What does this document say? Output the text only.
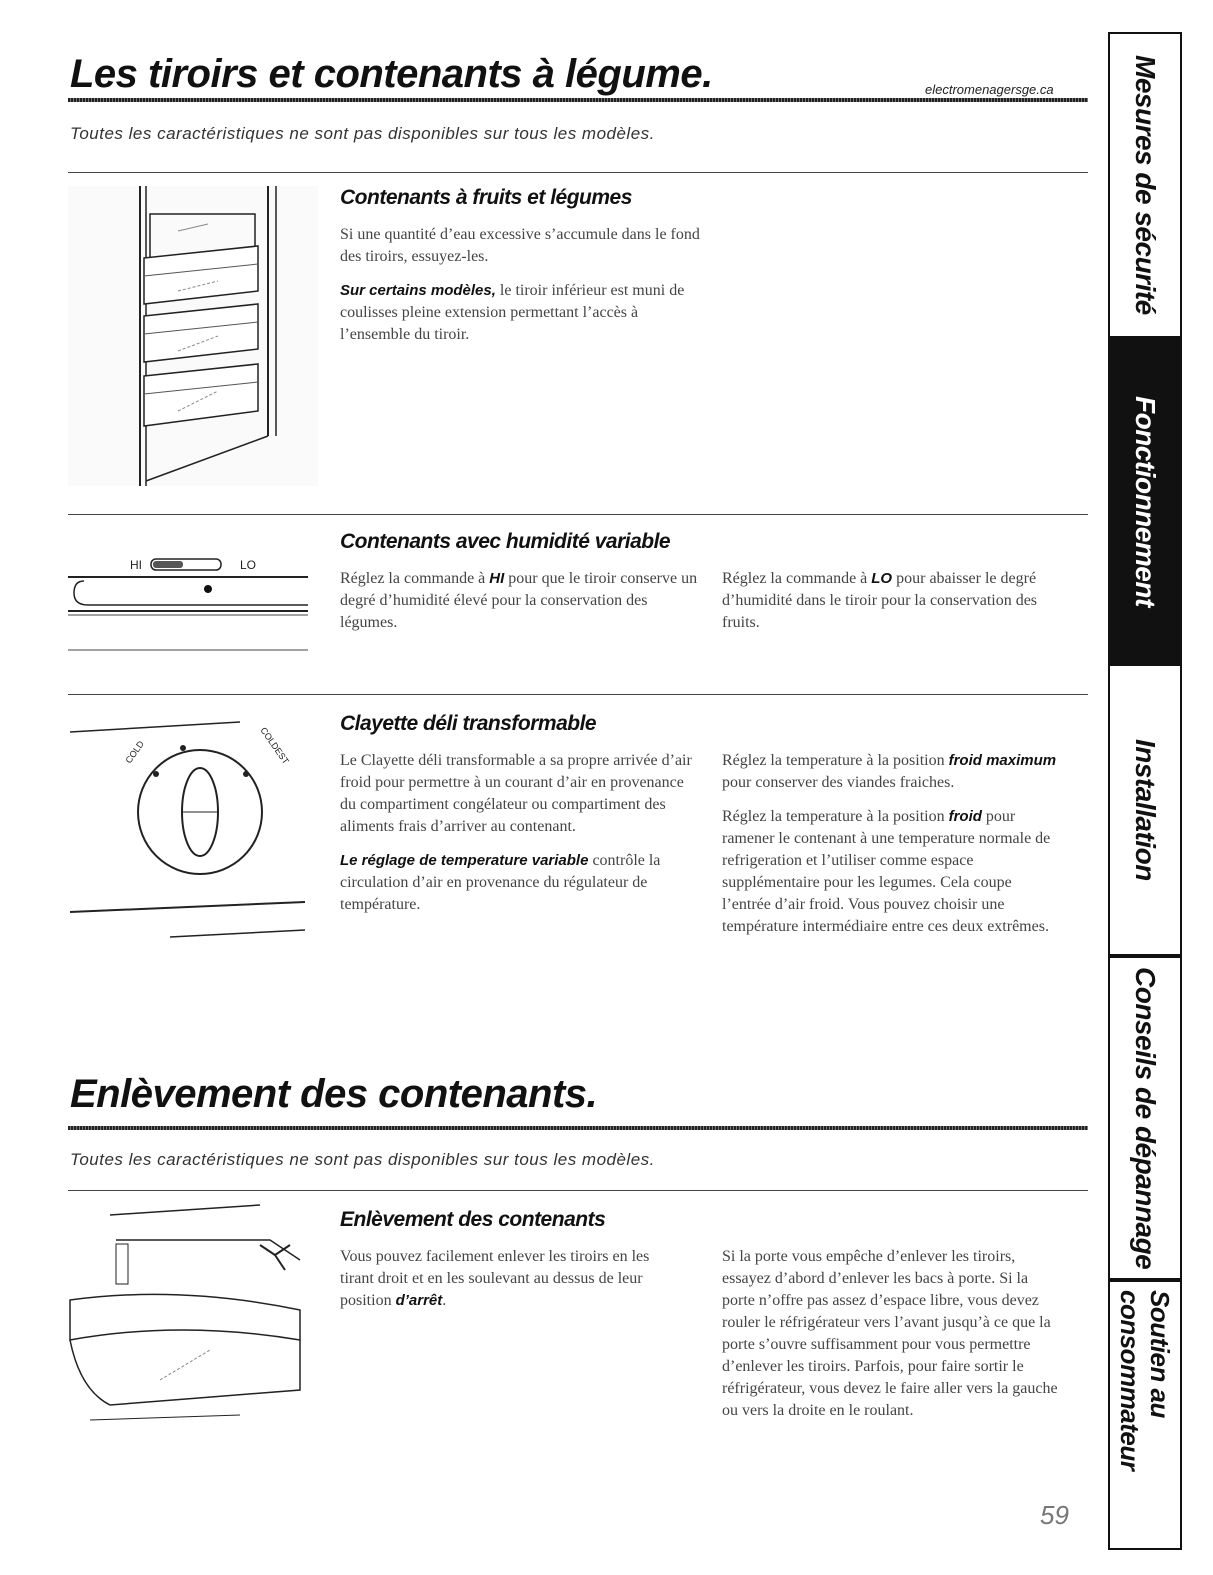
Les tiroirs et contenants à légume.	electromenagersge.ca
Toutes les caractéristiques ne sont pas disponibles sur tous les modèles.
Contenants à fruits et légumes

Si une quantité d’eau excessive s’accumule dans le fond des tiroirs, essuyez-les.

Sur certains modèles, le tiroir inférieur est muni de coulisses pleine extension permettant l’accès à l’ensemble du tiroir.

HI	LO
Contenants avec humidité variable

Réglez la commande à HI pour que le tiroir conserve un degré d’humidité élevé pour la conservation des légumes.

Réglez la commande à LO pour abaisser le degré d’humidité dans le tiroir pour la conservation des fruits.

COLD	COLDEST
Clayette déli transformable

Le Clayette déli transformable a sa propre arrivée d’air froid pour permettre à un courant d’air en provenance du compartiment congélateur ou compartiment des aliments frais d’arriver au contenant.

Le réglage de temperature variable contrôle la circulation d’air en provenance du régulateur de température.

Réglez la temperature à la position froid maximum pour conserver des viandes fraiches.

Réglez la temperature à la position froid pour ramener le contenant à une temperature normale de refrigeration et l’utiliser comme espace supplémentaire pour les legumes. Cela coupe l’entrée d’air froid. Vous pouvez choisir une température intermédiaire entre ces deux extrêmes.

Enlèvement des contenants.
Toutes les caractéristiques ne sont pas disponibles sur tous les modèles.
Enlèvement des contenants

Vous pouvez facilement enlever les tiroirs en les tirant droit et en les soulevant au dessus de leur position d’arrêt.

Si la porte vous empêche d’enlever les tiroirs, essayez d’abord d’enlever les bacs à porte. Si la porte n’offre pas assez d’espace libre, vous devez rouler le réfrigérateur vers l’avant jusqu’à ce que la porte s’ouvre suffisamment pour vous permettre d’enlever les tiroirs. Parfois, pour faire sortir le réfrigérateur, vous devez le faire aller vers la gauche ou vers la droite en le roulant.

59
Mesures de sécurité
Fonctionnement
Installation
Conseils de dépannage
Soutien au consommateur
